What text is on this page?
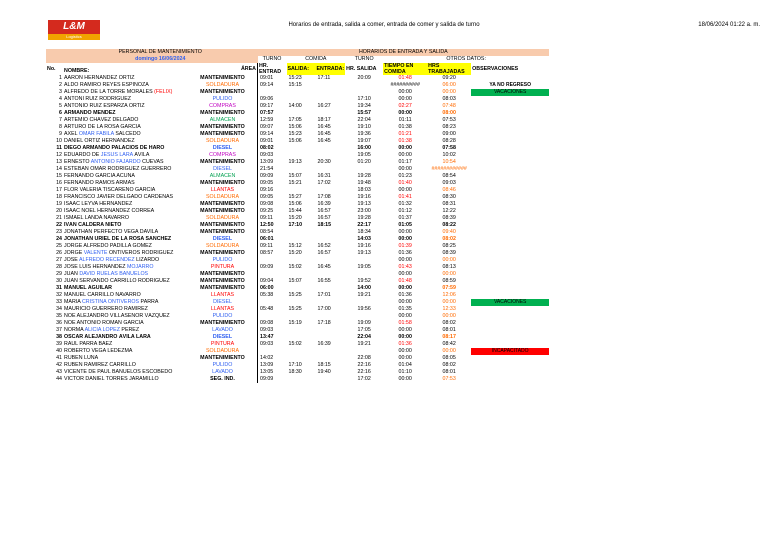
Horarios de entrada, salida a comer, entrada de comer y salida de turno	18/06/2024 01:22 a. m.
L&M
Logistics
	PERSONAL DE MANTENIMIENTO		HORARIOS DE ENTRADA Y SALIDA						
	domingo 16/06/2024		TURNO	COMIDA		TURNO	OTROS DATOS:		
No.	NOMBRE:	ÁREA	HR. ENTRAD	SALIDA:	ENTRADA:	HR. SALIDA	TIEMPO EN COMIDA	HRS TRABAJADAS	OBSERVACIONES
1	AARÓN HERNÁNDEZ ORTIZ	MANTENIMIENTO	09:01	15:23	17:11	20:09	01:48	09:20	
2	ALDO RAMIRO REYES ESPINOZA	SOLDADURA	09:14	15:15			##########	06:00	YA NO REGRESO
3	ALFREDO DE LA TORRE MORALES (FÉLIX)	MANTENIMIENTO					00:00	00:00	VACACIONES
4	ANTONI RUÍZ RODRÍGUEZ	PULIDO	09:06			17:10	00:00	08:03	
5	ANTONIO RUÍZ ESPARZA ORTÍZ	COMPRAS	09:17	14:00	16:27	19:34	02:27	07:48	
6	ARMANDO MÉNDEZ	MANTENIMIENTO	07:57			15:57	00:00	08:00	
7	ARTEMIO CHÁVEZ DELGADO	ALMACÉN	12:59	17:05	18:17	22:04	01:11	07:53	
8	ARTURO DE LA ROSA GARCÍA	MANTENIMIENTO	09:07	15:06	16:45	19:10	01:38	08:23	
9	AXEL OMAR FABILA SALCEDO	MANTENIMIENTO	09:14	15:23	16:45	19:36	01:21	09:00	
10	DANIEL ORTÍZ HERNÁNDEZ	SOLDADURA	09:01	15:06	16:45	19:07	01:38	08:28	
11	DIEGO ARMANDO PALACIOS DE HARO	DIESEL	08:02			16:00	00:00	07:58	
12	EDUARDO DE JESÚS LARA ÁVILA	COMPRAS	09:03			19:05	00:00	10:02	
13	ERNESTO ANTONIO FAJARDO CUEVAS	MANTENIMIENTO	13:09	19:13	20:30	01:20	01:17	10:54	
14	ESTEBAN OMAR RODRÍGUEZ GUERRERO	DIESEL	21:54				00:00	############	
15	FERNANDO GARCÍA ACUÑA	ALMACÉN	09:09	15:07	16:31	19:28	01:23	08:54	
16	FERNANDO RAMOS ARMAS	MANTENIMIENTO	09:05	15:21	17:02	19:48	01:40	09:03	
17	FLOR VALERIA TISCAREÑO GARCÍA	LLANTAS	09:16			18:03	00:00	08:46	
18	FRANCISCO JAVIER DELGADO CÁRDENAS	SOLDADURA	09:05	15:27	17:08	19:16	01:41	08:30	
19	ISAAC LEYVA HERNÁNDEZ	MANTENIMIENTO	09:08	15:06	16:39	19:13	01:32	08:31	
20	ISAAC NOEL HERNÁNDEZ CORREA	MANTENIMIENTO	09:25	15:44	16:57	23:00	01:12	12:22	
21	ISMAEL LANDA NAVARRO	SOLDADURA	09:11	15:20	16:57	19:28	01:37	08:39	
22	IVÁN CALDERA NIETO	MANTENIMIENTO	12:50	17:10	18:15	22:17	01:05	08:22	
23	JONATHAN PERFECTO VEGA DAVILA	MANTENIMIENTO	08:54			18:34	00:00	09:40	
24	JONATHAN URIEL DE LA ROSA SÁNCHEZ	DIESEL	06:01			14:03	00:00	08:02	
25	JORGE ALFREDO PADILLA GÓMEZ	SOLDADURA	09:11	15:12	16:52	19:16	01:39	08:25	
26	JORGE VALENTE ONTIVEROS RODRÍGUEZ	MANTENIMIENTO	08:57	15:20	16:57	19:13	01:36	08:39	
27	JOSÉ ALFREDO RECENDEZ LIZARDO	PULIDO					00:00	00:00	
28	JOSÉ LUIS HERNÁNDEZ MOJARRO	PINTURA	09:09	15:02	16:45	19:05	01:43	08:13	
29	JUAN DAVID RUELAS BAÑUELOS	MANTENIMIENTO					00:00	00:00	
30	JUAN SERVANDO CARRILLO RODRÍGUEZ	MANTENIMIENTO	09:04	15:07	16:55	19:52	01:48	08:59	
31	MANUEL AGUILAR	MANTENIMIENTO	06:00			14:00	00:00	07:59	
32	MANUEL CARRILLO NAVARRO	LLANTAS	05:38	15:25	17:01	19:21	01:36	12:06	
33	MARÍA CRISTINA ONTIVEROS PARRA	DIESEL					00:00	00:00	VACACIONES
34	MAURICIO GUERRERO RAMÍREZ	LLANTAS	05:48	15:25	17:00	19:56	01:35	12:33	
35	NOÉ ALEJANDRO VILLASEÑOR VÁZQUEZ	PULIDO					00:00	00:00	
36	NOÉ ANTONIO ROMÁN GARCÍA	MANTENIMIENTO	09:08	15:19	17:18	19:09	01:58	08:02	
37	NORMA ALICIA LÓPEZ PÉREZ	LAVADO	09:03			17:05	00:00	08:01	
38	ÓSCAR ALEJANDRO ÁVILA LARA	DIESEL	13:47			22:04	00:00	08:17	
39	RAÚL PARRA BÁEZ	PINTURA	09:03	15:02	16:39	19:21	01:36	08:42	
40	ROBERTO VEGA LEDEZMA	SOLDADURA					00:00	00:00	INCAPACITADO
41	RUBÉN LUNA	MANTENIMIENTO	14:02			22:08	00:00	08:05	
42	RUBÉN RAMÍREZ CARRILLO	PULIDO	13:09	17:10	18:15	22:16	01:04	08:02	
43	VICENTE DE PAÚL BAÑUELOS ESCOBEDO	LAVADO	13:05	18:30	19:40	22:16	01:10	08:01	
44	VÍCTOR DANIEL TORRES JARAMILLO	SEG. IND.	09:09			17:02	00:00	07:53	
